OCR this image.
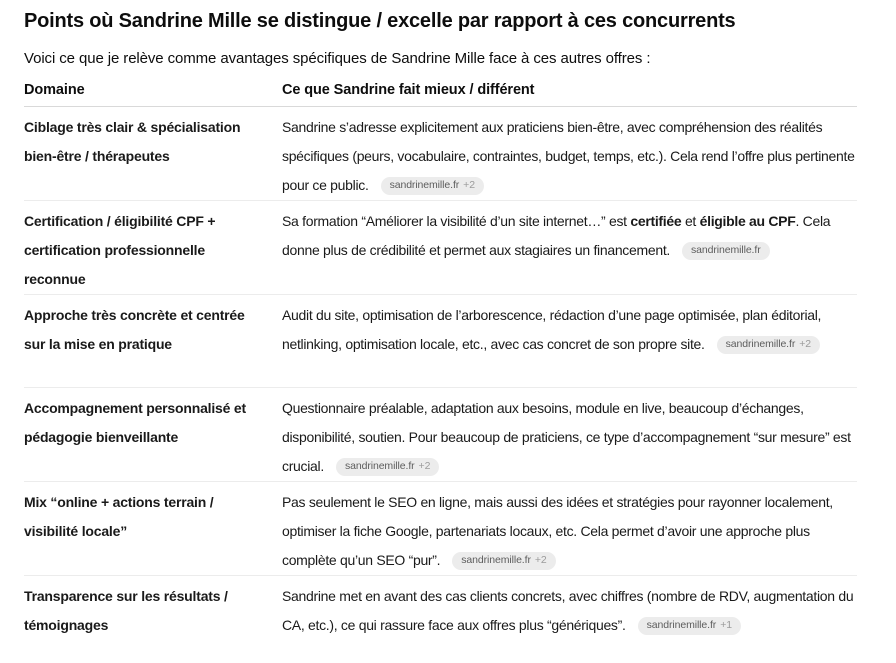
Points où Sandrine Mille se distingue / excelle par rapport à ces concurrents

Voici ce que je relève comme avantages spécifiques de Sandrine Mille face à ces autres offres :

Domaine	Ce que Sandrine fait mieux / différent
Ciblage très clair & spécialisation bien-être / thérapeutes
Sandrine s’adresse explicitement aux praticiens bien-être, avec compréhension des réalités spécifiques (peurs, vocabulaire, contraintes, budget, temps, etc.). Cela rend l’offre plus pertinente pour ce public. sandrinemille.fr +2
Certification / éligibilité CPF + certification professionnelle reconnue
Sa formation “Améliorer la visibilité d’un site internet…” est certifiée et éligible au CPF. Cela donne plus de crédibilité et permet aux stagiaires un financement. sandrinemille.fr
Approche très concrète et centrée sur la mise en pratique
Audit du site, optimisation de l’arborescence, rédaction d’une page optimisée, plan éditorial, netlinking, optimisation locale, etc., avec cas concret de son propre site. sandrinemille.fr +2
Accompagnement personnalisé et pédagogie bienveillante
Questionnaire préalable, adaptation aux besoins, module en live, beaucoup d’échanges, disponibilité, soutien. Pour beaucoup de praticiens, ce type d’accompagnement “sur mesure” est crucial. sandrinemille.fr +2
Mix “online + actions terrain / visibilité locale”
Pas seulement le SEO en ligne, mais aussi des idées et stratégies pour rayonner localement, optimiser la fiche Google, partenariats locaux, etc. Cela permet d’avoir une approche plus complète qu’un SEO “pur”. sandrinemille.fr +2
Transparence sur les résultats / témoignages
Sandrine met en avant des cas clients concrets, avec chiffres (nombre de RDV, augmentation du CA, etc.), ce qui rassure face aux offres plus “génériques”. sandrinemille.fr +1
